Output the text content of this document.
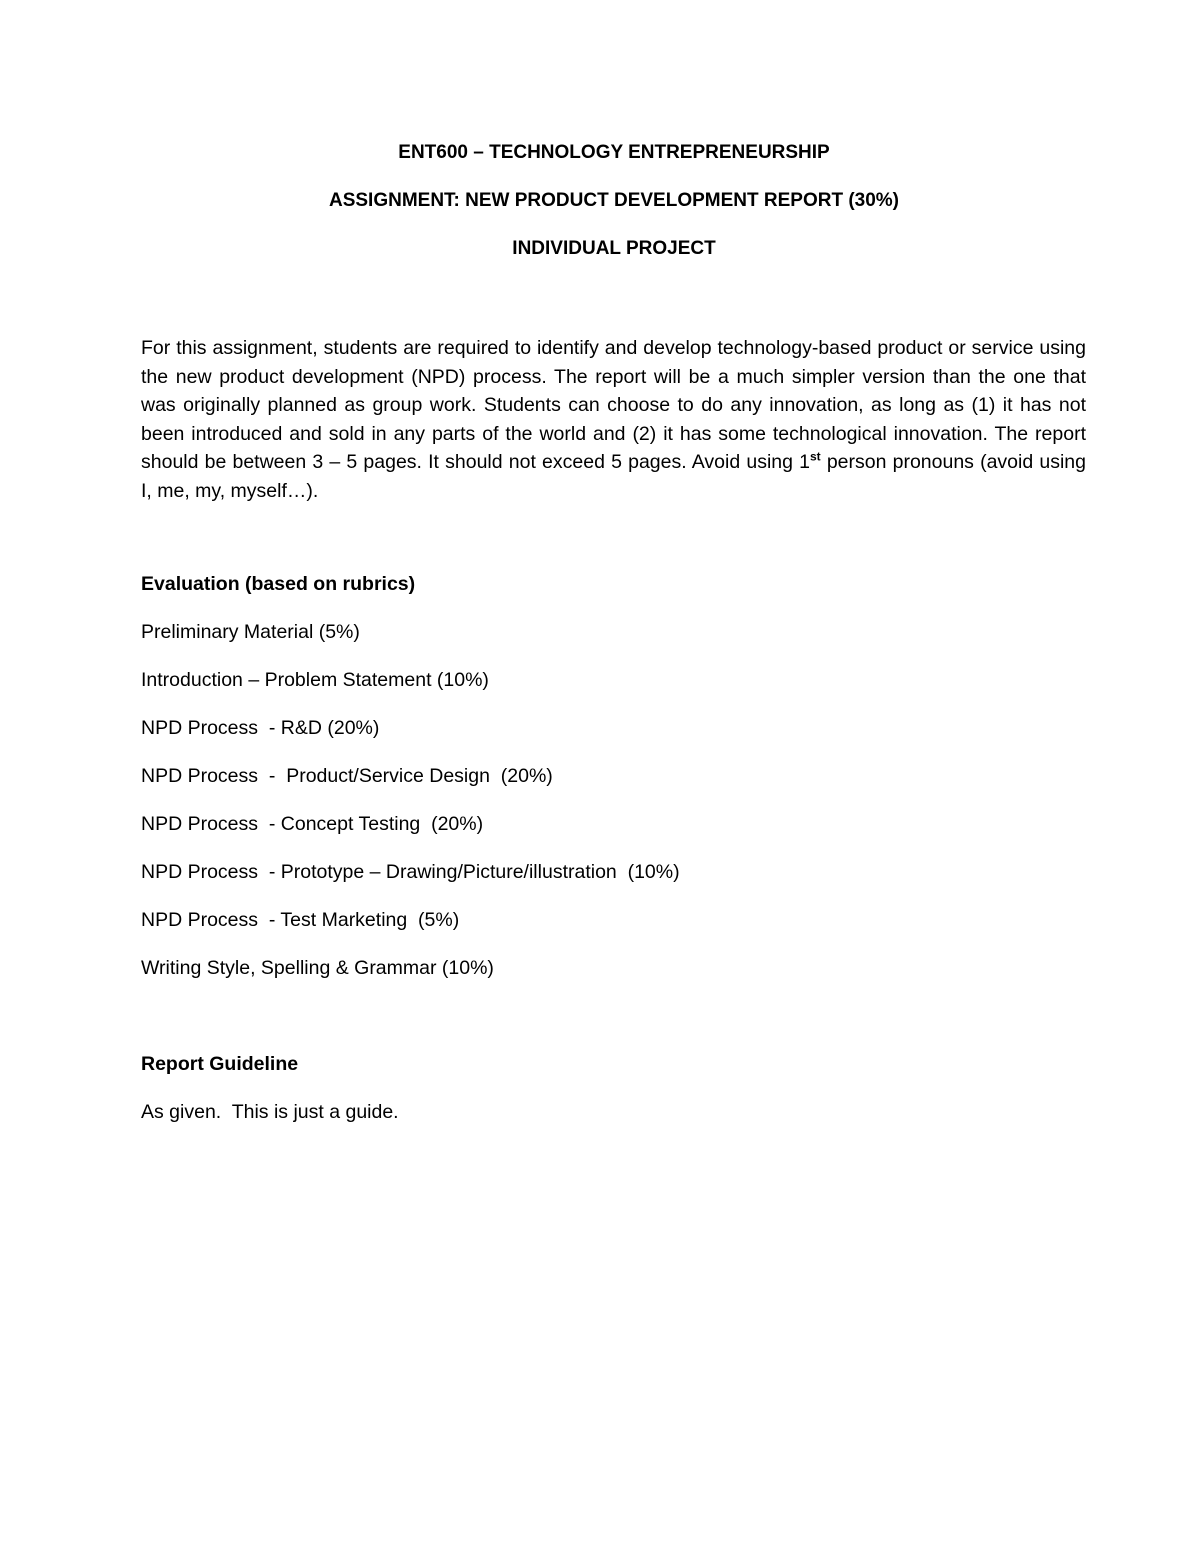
ENT600 – TECHNOLOGY ENTREPRENEURSHIP
ASSIGNMENT: NEW PRODUCT DEVELOPMENT REPORT (30%)
INDIVIDUAL PROJECT
For this assignment, students are required to identify and develop technology-based product or service using the new product development (NPD) process. The report will be a much simpler version than the one that was originally planned as group work. Students can choose to do any innovation, as long as (1) it has not been introduced and sold in any parts of the world and (2) it has some technological innovation. The report should be between 3 – 5 pages. It should not exceed 5 pages. Avoid using 1st person pronouns (avoid using I, me, my, myself…).
Evaluation (based on rubrics)
Preliminary Material (5%)
Introduction – Problem Statement (10%)
NPD Process  - R&D (20%)
NPD Process  -  Product/Service Design  (20%)
NPD Process  - Concept Testing  (20%)
NPD Process  - Prototype – Drawing/Picture/illustration  (10%)
NPD Process  - Test Marketing  (5%)
Writing Style, Spelling & Grammar (10%)
Report Guideline
As given.  This is just a guide.
